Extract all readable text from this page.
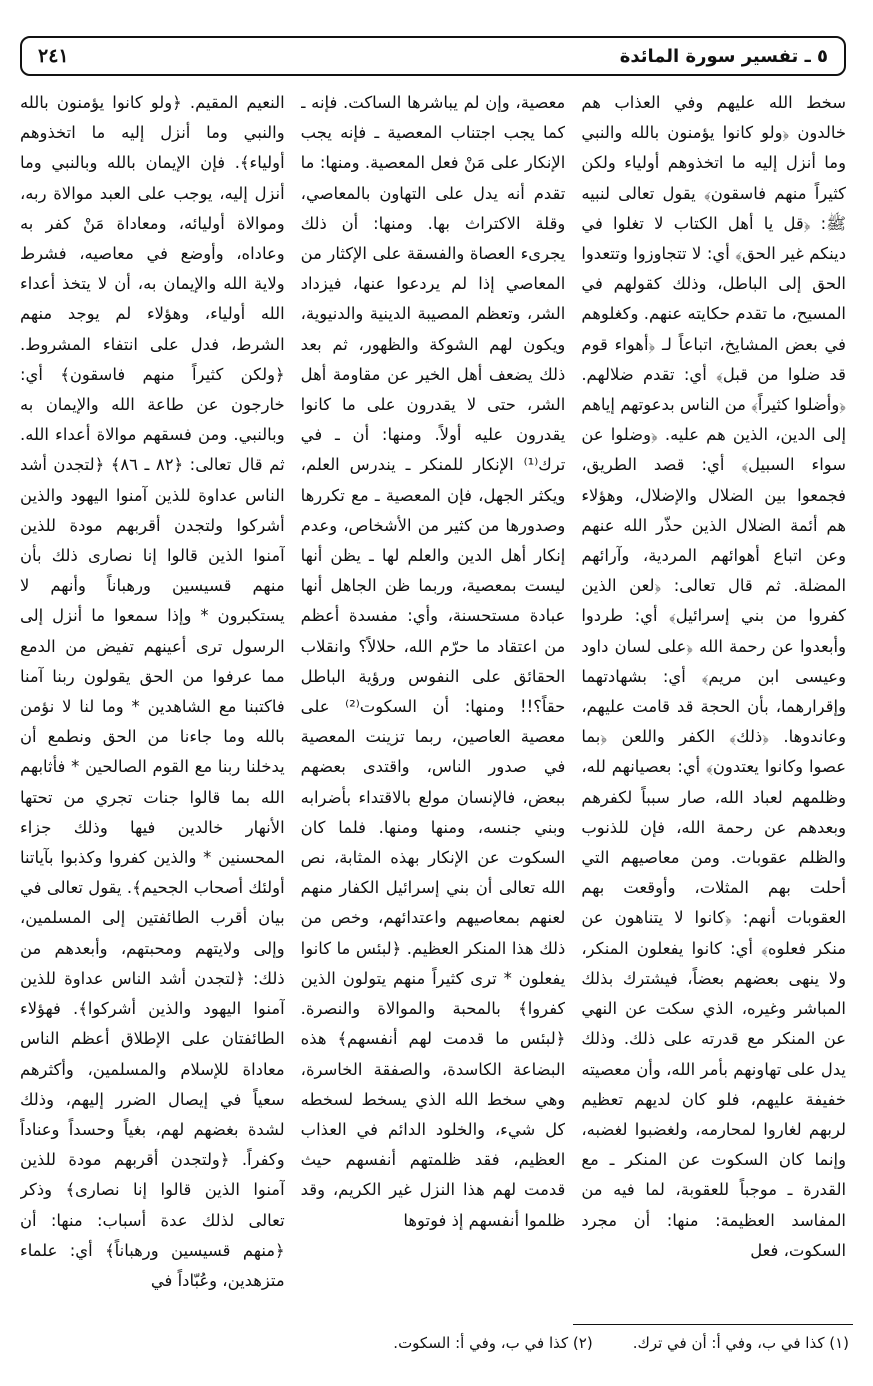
٥ ـ تفسير سورة المائدة
٢٤١

سخط الله عليهم وفي العذاب هم خالدون ﴿ولو كانوا يؤمنون بالله والنبي وما أنزل إليه ما اتخذوهم أولياء ولكن كثيراً منهم فاسقون﴾ يقول تعالى لنبيه ﷺ: ﴿قل يا أهل الكتاب لا تغلوا في دينكم غير الحق﴾ أي: لا تتجاوزوا وتتعدوا الحق إلى الباطل، وذلك كقولهم في المسيح، ما تقدم حكايته عنهم. وكغلوهم في بعض المشايخ، اتباعاً لـ ﴿أهواء قوم قد ضلوا من قبل﴾ أي: تقدم ضلالهم. ﴿وأضلوا كثيراً﴾ من الناس بدعوتهم إياهم إلى الدين، الذين هم عليه. ﴿وضلوا عن سواء السبيل﴾ أي: قصد الطريق، فجمعوا بين الضلال والإضلال، وهؤلاء هم أئمة الضلال الذين حذّر الله عنهم وعن اتباع أهوائهم المردية، وآرائهم المضلة. ثم قال تعالى: ﴿لعن الذين كفروا من بني إسرائيل﴾ أي: طردوا وأبعدوا عن رحمة الله ﴿على لسان داود وعيسى ابن مريم﴾ أي: بشهادتهما وإقرارهما، بأن الحجة قد قامت عليهم، وعاندوها. ﴿ذلك﴾ الكفر واللعن ﴿بما عصوا وكانوا يعتدون﴾ أي: بعصيانهم لله، وظلمهم لعباد الله، صار سبباً لكفرهم وبعدهم عن رحمة الله، فإن للذنوب والظلم عقوبات. ومن معاصيهم التي أحلت بهم المثلات، وأوقعت بهم العقوبات أنهم: ﴿كانوا لا يتناهون عن منكر فعلوه﴾ أي: كانوا يفعلون المنكر، ولا ينهى بعضهم بعضاً، فيشترك بذلك المباشر وغيره، الذي سكت عن النهي عن المنكر مع قدرته على ذلك. وذلك يدل على تهاونهم بأمر الله، وأن معصيته خفيفة عليهم، فلو كان لديهم تعظيم لربهم لغاروا لمحارمه، ولغضبوا لغضبه، وإنما كان السكوت عن المنكر ـ مع القدرة ـ موجباً للعقوبة، لما فيه من المفاسد العظيمة: منها: أن مجرد السكوت، فعل

معصية، وإن لم يباشرها الساكت. فإنه ـ كما يجب اجتناب المعصية ـ فإنه يجب الإنكار على مَنْ فعل المعصية. ومنها: ما تقدم أنه يدل على التهاون بالمعاصي، وقلة الاكتراث بها. ومنها: أن ذلك يجرىء العصاة والفسقة على الإكثار من المعاصي إذا لم يردعوا عنها، فيزداد الشر، وتعظم المصيبة الدينية والدنيوية، ويكون لهم الشوكة والظهور، ثم بعد ذلك يضعف أهل الخير عن مقاومة أهل الشر، حتى لا يقدرون على ما كانوا يقدرون عليه أولاً. ومنها: أن ـ في ترك⁽¹⁾ الإنكار للمنكر ـ يندرس العلم، ويكثر الجهل، فإن المعصية ـ مع تكررها وصدورها من كثير من الأشخاص، وعدم إنكار أهل الدين والعلم لها ـ يظن أنها ليست بمعصية، وربما ظن الجاهل أنها عبادة مستحسنة، وأي: مفسدة أعظم من اعتقاد ما حرّم الله، حلالاً؟ وانقلاب الحقائق على النفوس ورؤية الباطل حقاً؟!! ومنها: أن السكوت⁽²⁾ على معصية العاصين، ربما تزينت المعصية في صدور الناس، واقتدى بعضهم ببعض، فالإنسان مولع بالاقتداء بأضرابه وبني جنسه، ومنها ومنها. فلما كان السكوت عن الإنكار بهذه المثابة، نص الله تعالى أن بني إسرائيل الكفار منهم لعنهم بمعاصيهم واعتدائهم، وخص من ذلك هذا المنكر العظيم. ﴿لبئس ما كانوا يفعلون * ترى كثيراً منهم يتولون الذين كفروا﴾ بالمحبة والموالاة والنصرة. ﴿لبئس ما قدمت لهم أنفسهم﴾ هذه البضاعة الكاسدة، والصفقة الخاسرة، وهي سخط الله الذي يسخط لسخطه كل شيء، والخلود الدائم في العذاب العظيم، فقد ظلمتهم أنفسهم حيث قدمت لهم هذا النزل غير الكريم، وقد ظلموا أنفسهم إذ فوتوها

النعيم المقيم. ﴿ولو كانوا يؤمنون بالله والنبي وما أنزل إليه ما اتخذوهم أولياء﴾. فإن الإيمان بالله وبالنبي وما أنزل إليه، يوجب على العبد موالاة ربه، وموالاة أوليائه، ومعاداة مَنْ كفر به وعاداه، وأوضع في معاصيه، فشرط ولاية الله والإيمان به، أن لا يتخذ أعداء الله أولياء، وهؤلاء لم يوجد منهم الشرط، فدل على انتفاء المشروط. ﴿ولكن كثيراً منهم فاسقون﴾ أي: خارجون عن طاعة الله والإيمان به وبالنبي. ومن فسقهم موالاة أعداء الله. ثم قال تعالى: ﴿٨٢ ـ ٨٦﴾ ﴿لتجدن أشد الناس عداوة للذين آمنوا اليهود والذين أشركوا ولتجدن أقربهم مودة للذين آمنوا الذين قالوا إنا نصارى ذلك بأن منهم قسيسين ورهباناً وأنهم لا يستكبرون * وإذا سمعوا ما أنزل إلى الرسول ترى أعينهم تفيض من الدمع مما عرفوا من الحق يقولون ربنا آمنا فاكتبنا مع الشاهدين * وما لنا لا نؤمن بالله وما جاءنا من الحق ونطمع أن يدخلنا ربنا مع القوم الصالحين * فأثابهم الله بما قالوا جنات تجري من تحتها الأنهار خالدين فيها وذلك جزاء المحسنين * والذين كفروا وكذبوا بآياتنا أولئك أصحاب الجحيم﴾. يقول تعالى في بيان أقرب الطائفتين إلى المسلمين، وإلى ولايتهم ومحبتهم، وأبعدهم من ذلك: ﴿لتجدن أشد الناس عداوة للذين آمنوا اليهود والذين أشركوا﴾. فهؤلاء الطائفتان على الإطلاق أعظم الناس معاداة للإسلام والمسلمين، وأكثرهم سعياً في إيصال الضرر إليهم، وذلك لشدة بغضهم لهم، بغياً وحسداً وعناداً وكفراً. ﴿ولتجدن أقربهم مودة للذين آمنوا الذين قالوا إنا نصارى﴾ وذكر تعالى لذلك عدة أسباب: منها: أن ﴿منهم قسيسين ورهباناً﴾ أي: علماء متزهدين، وعُبّاداً في

(١) كذا في ب، وفي أ: أن في ترك.
(٢) كذا في ب، وفي أ: السكوت.
